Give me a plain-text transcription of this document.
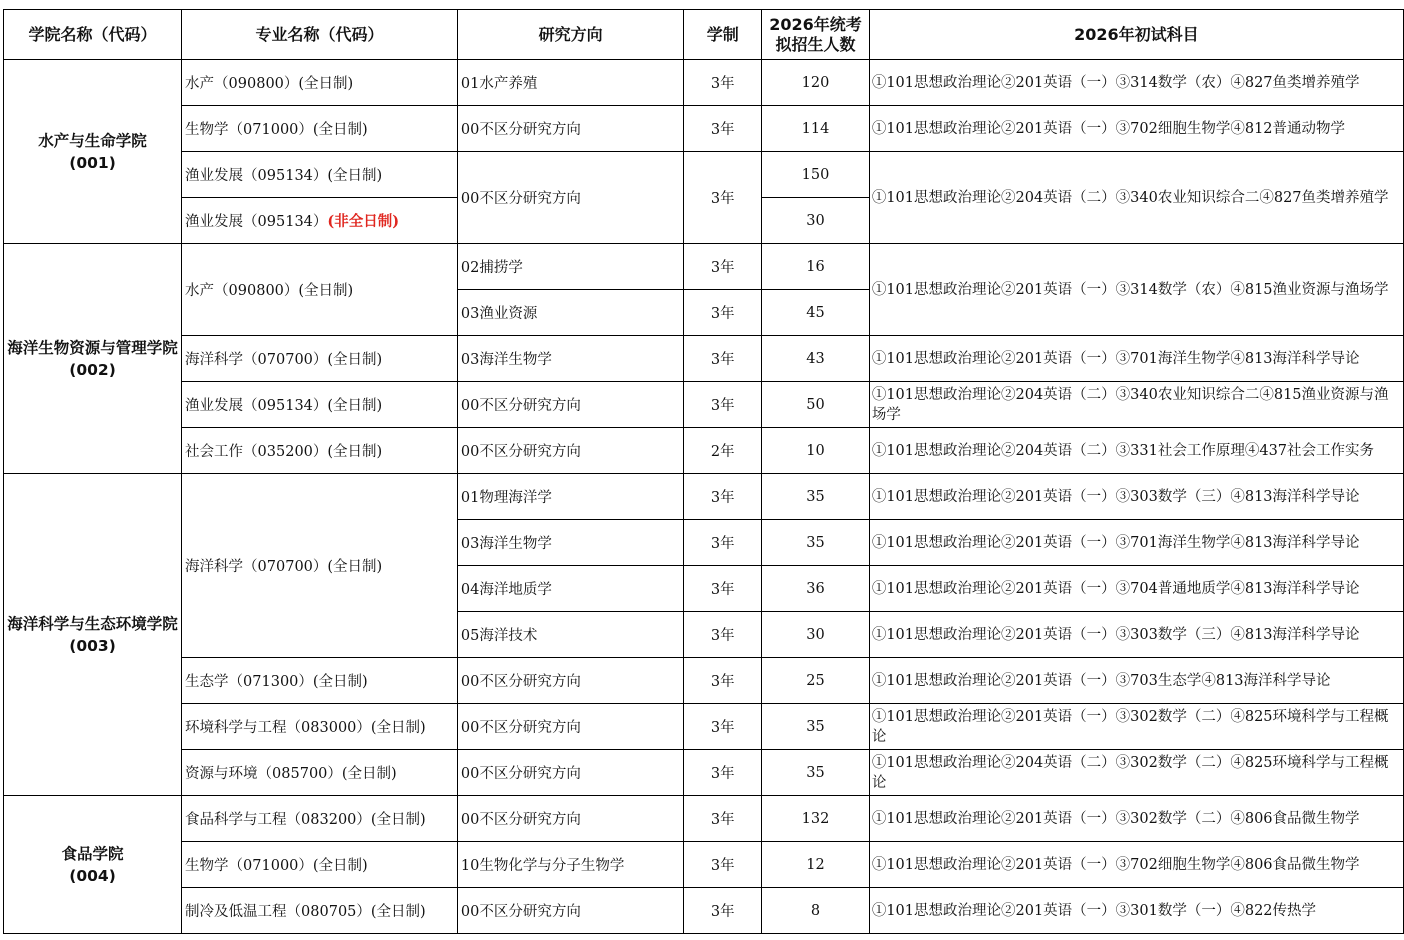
学院名称（代码）	专业名称（代码）	研究方向	学制	2026年统考拟招生人数	2026年初试科目

水产与生命学院
(001)	水产（090800）(全日制)	01水产养殖	3年	120	①101思想政治理论②201英语（一）③314数学（农）④827鱼类增养殖学
	生物学（071000）(全日制)	00不区分研究方向	3年	114	①101思想政治理论②201英语（一）③702细胞生物学④812普通动物学
	渔业发展（095134）(全日制)	00不区分研究方向	3年	150	①101思想政治理论②204英语（二）③340农业知识综合二④827鱼类增养殖学
	渔业发展（095134）(非全日制)			30	

海洋生物资源与管理学院
(002)	水产（090800）(全日制)	02捕捞学	3年	16	①101思想政治理论②201英语（一）③314数学（农）④815渔业资源与渔场学
		03渔业资源	3年	45	
	海洋科学（070700）(全日制)	03海洋生物学	3年	43	①101思想政治理论②201英语（一）③701海洋生物学④813海洋科学导论
	渔业发展（095134）(全日制)	00不区分研究方向	3年	50	①101思想政治理论②204英语（二）③340农业知识综合二④815渔业资源与渔场学
	社会工作（035200）(全日制)	00不区分研究方向	2年	10	①101思想政治理论②204英语（二）③331社会工作原理④437社会工作实务

海洋科学与生态环境学院
(003)	海洋科学（070700）(全日制)	01物理海洋学	3年	35	①101思想政治理论②201英语（一）③303数学（三）④813海洋科学导论
		03海洋生物学	3年	35	①101思想政治理论②201英语（一）③701海洋生物学④813海洋科学导论
		04海洋地质学	3年	36	①101思想政治理论②201英语（一）③704普通地质学④813海洋科学导论
		05海洋技术	3年	30	①101思想政治理论②201英语（一）③303数学（三）④813海洋科学导论
	生态学（071300）(全日制)	00不区分研究方向	3年	25	①101思想政治理论②201英语（一）③703生态学④813海洋科学导论
	环境科学与工程（083000）(全日制)	00不区分研究方向	3年	35	①101思想政治理论②201英语（一）③302数学（二）④825环境科学与工程概论
	资源与环境（085700）(全日制)	00不区分研究方向	3年	35	①101思想政治理论②204英语（二）③302数学（二）④825环境科学与工程概论

食品学院
(004)	食品科学与工程（083200）(全日制)	00不区分研究方向	3年	132	①101思想政治理论②201英语（一）③302数学（二）④806食品微生物学
	生物学（071000）(全日制)	10生物化学与分子生物学	3年	12	①101思想政治理论②201英语（一）③702细胞生物学④806食品微生物学
	制冷及低温工程（080705）(全日制)	00不区分研究方向	3年	8	①101思想政治理论②201英语（一）③301数学（一）④822传热学
